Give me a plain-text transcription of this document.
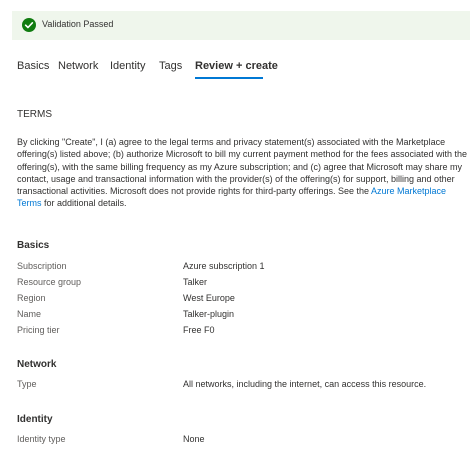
Validation Passed
Basics Network Identity Tags Review + create
TERMS
By clicking "Create", I (a) agree to the legal terms and privacy statement(s) associated with the Marketplace offering(s) listed above; (b) authorize Microsoft to bill my current payment method for the fees associated with the offering(s), with the same billing frequency as my Azure subscription; and (c) agree that Microsoft may share my contact, usage and transactional information with the provider(s) of the offering(s) for support, billing and other transactional activities. Microsoft does not provide rights for third-party offerings. See the Azure Marketplace Terms for additional details.
Basics
Subscription	Azure subscription 1
Resource group	Talker
Region	West Europe
Name	Talker-plugin
Pricing tier	Free F0
Network
Type	All networks, including the internet, can access this resource.
Identity
Identity type	None
